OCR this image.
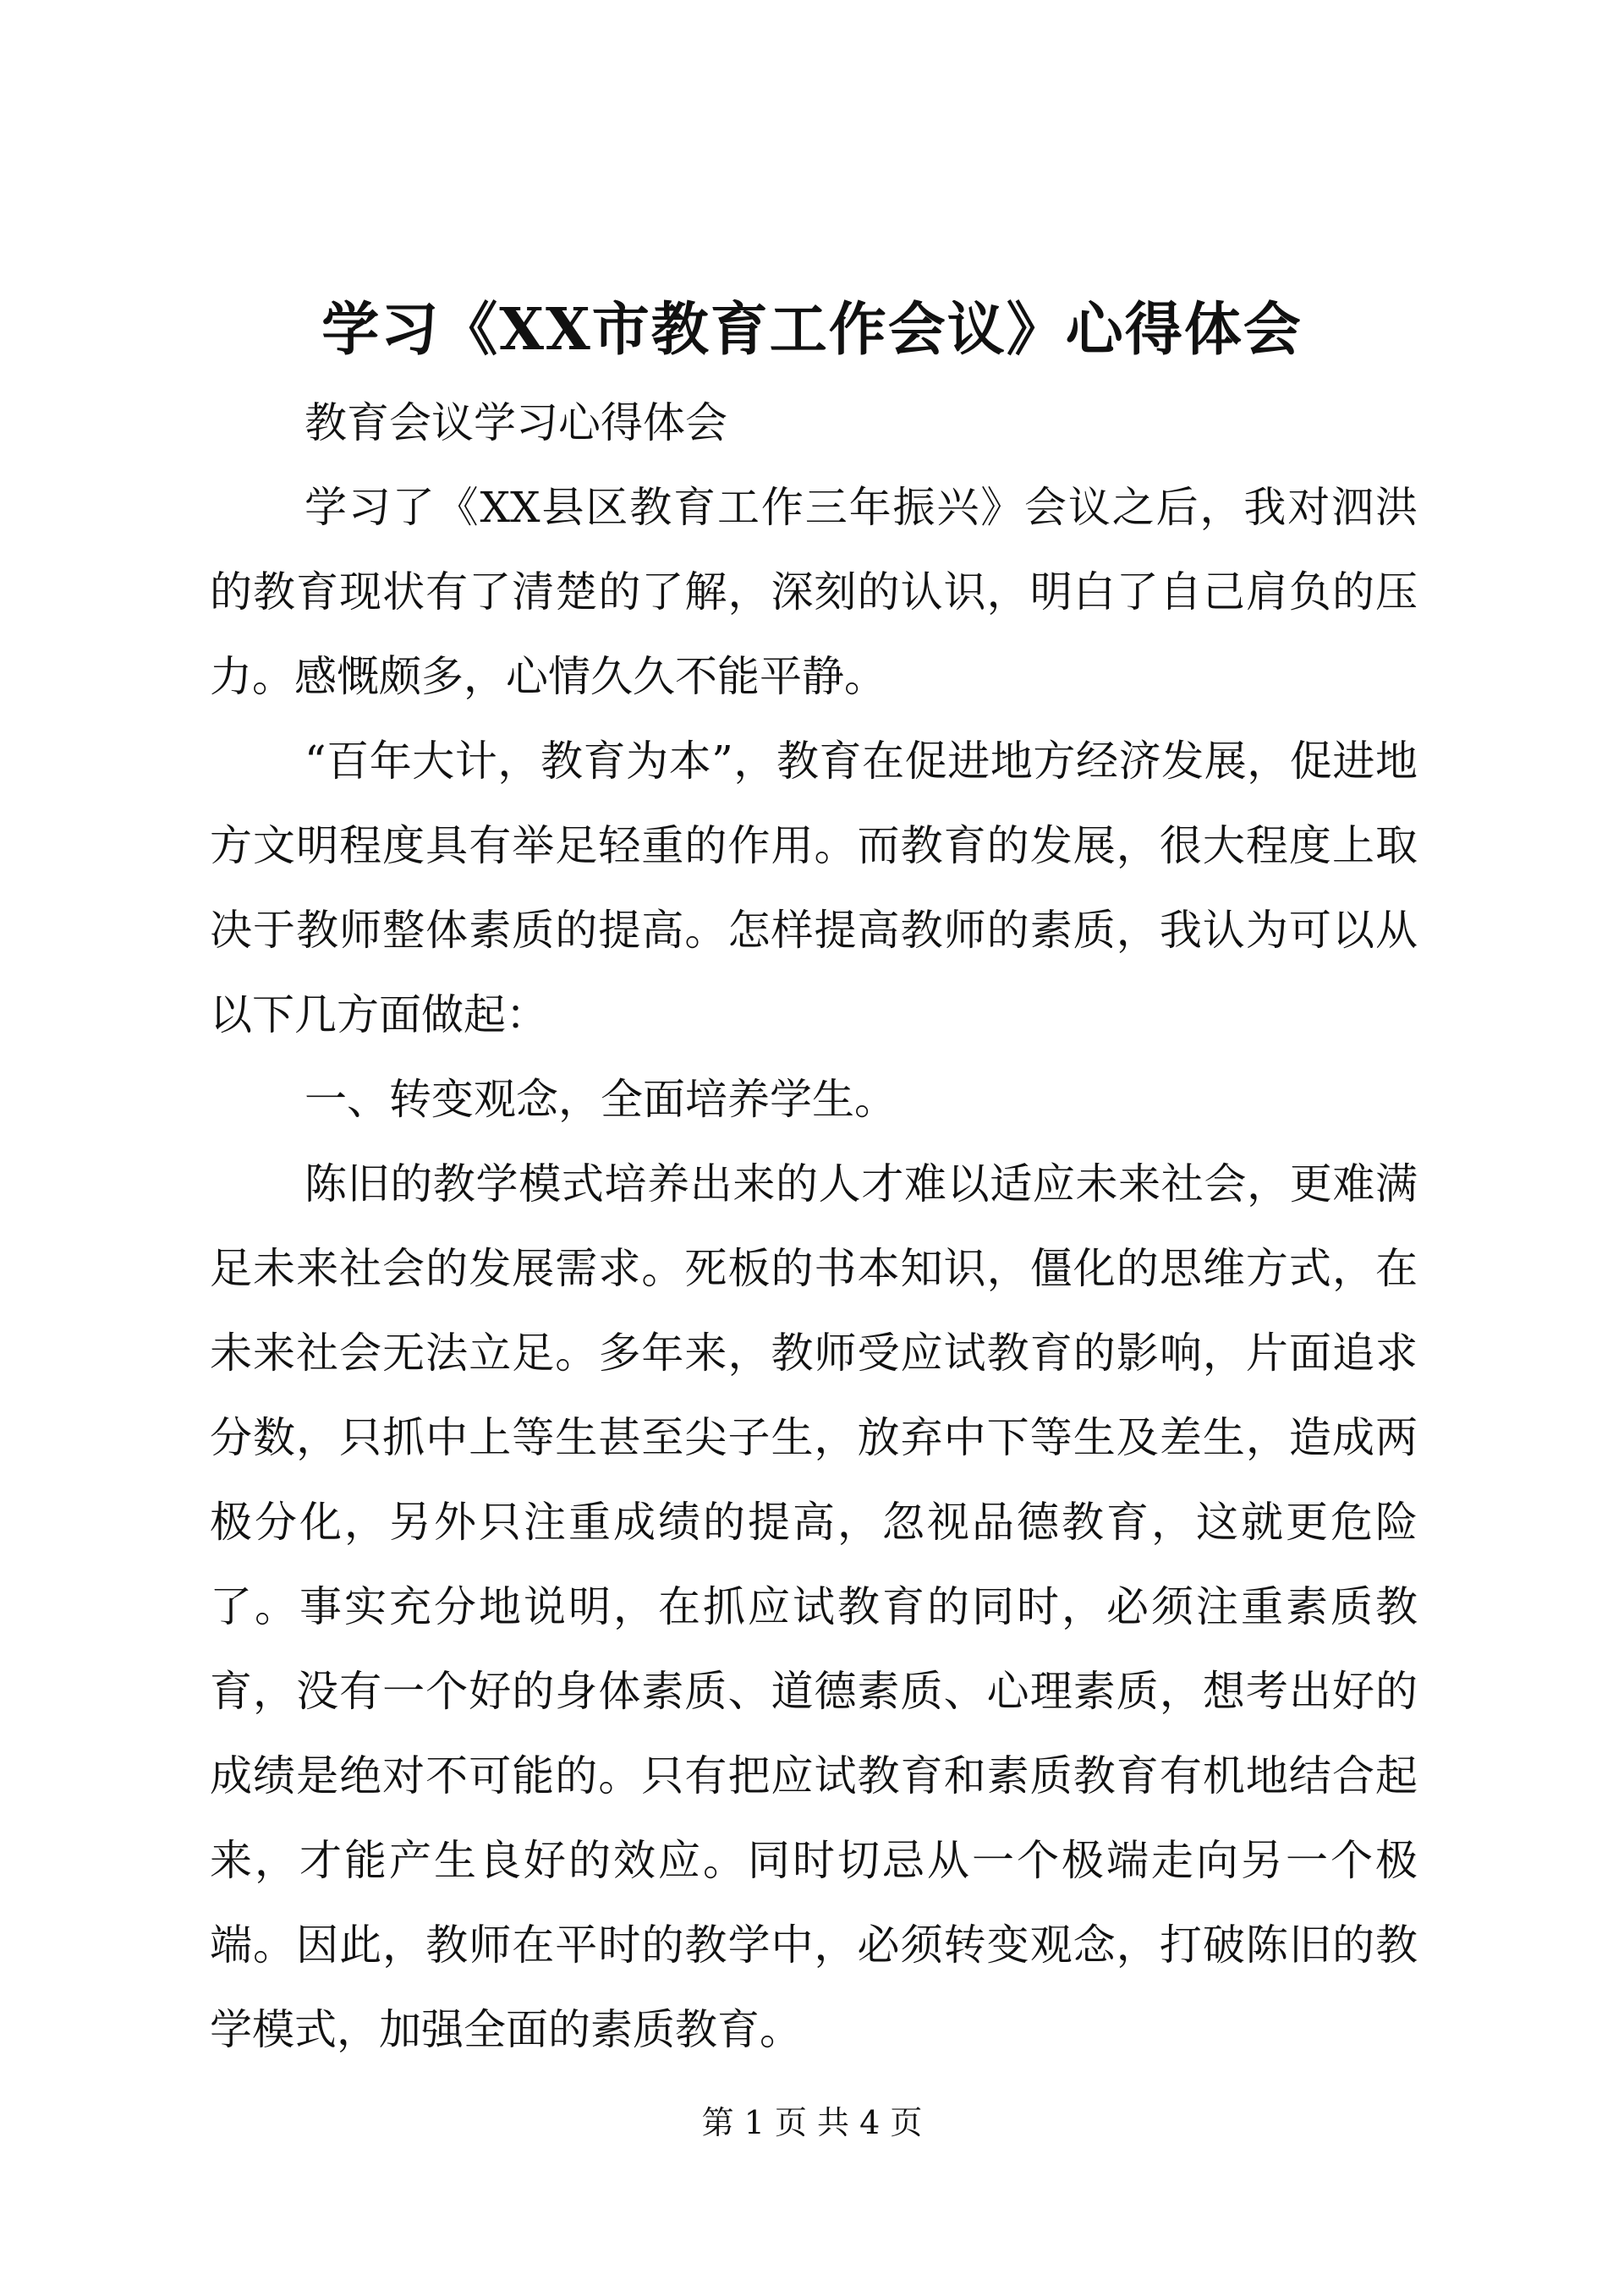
学习《XX市教育工作会议》心得体会

教育会议学习心得体会

学习了《XX县区教育工作三年振兴》会议之后，我对泗洪的教育现状有了清楚的了解，深刻的认识，明白了自己肩负的压力。感慨颇多，心情久久不能平静。

“百年大计，教育为本”，教育在促进地方经济发展，促进地方文明程度具有举足轻重的作用。而教育的发展，很大程度上取决于教师整体素质的提高。怎样提高教师的素质，我认为可以从以下几方面做起：

一、转变观念，全面培养学生。

陈旧的教学模式培养出来的人才难以适应未来社会，更难满足未来社会的发展需求。死板的书本知识，僵化的思维方式，在未来社会无法立足。多年来，教师受应试教育的影响，片面追求分数，只抓中上等生甚至尖子生，放弃中下等生及差生，造成两极分化，另外只注重成绩的提高，忽视品德教育，这就更危险了。事实充分地说明，在抓应试教育的同时，必须注重素质教育，没有一个好的身体素质、道德素质、心理素质，想考出好的成绩是绝对不可能的。只有把应试教育和素质教育有机地结合起来，才能产生良好的效应。同时切忌从一个极端走向另一个极端。因此，教师在平时的教学中，必须转变观念，打破陈旧的教学模式，加强全面的素质教育。

第 1 页 共 4 页
